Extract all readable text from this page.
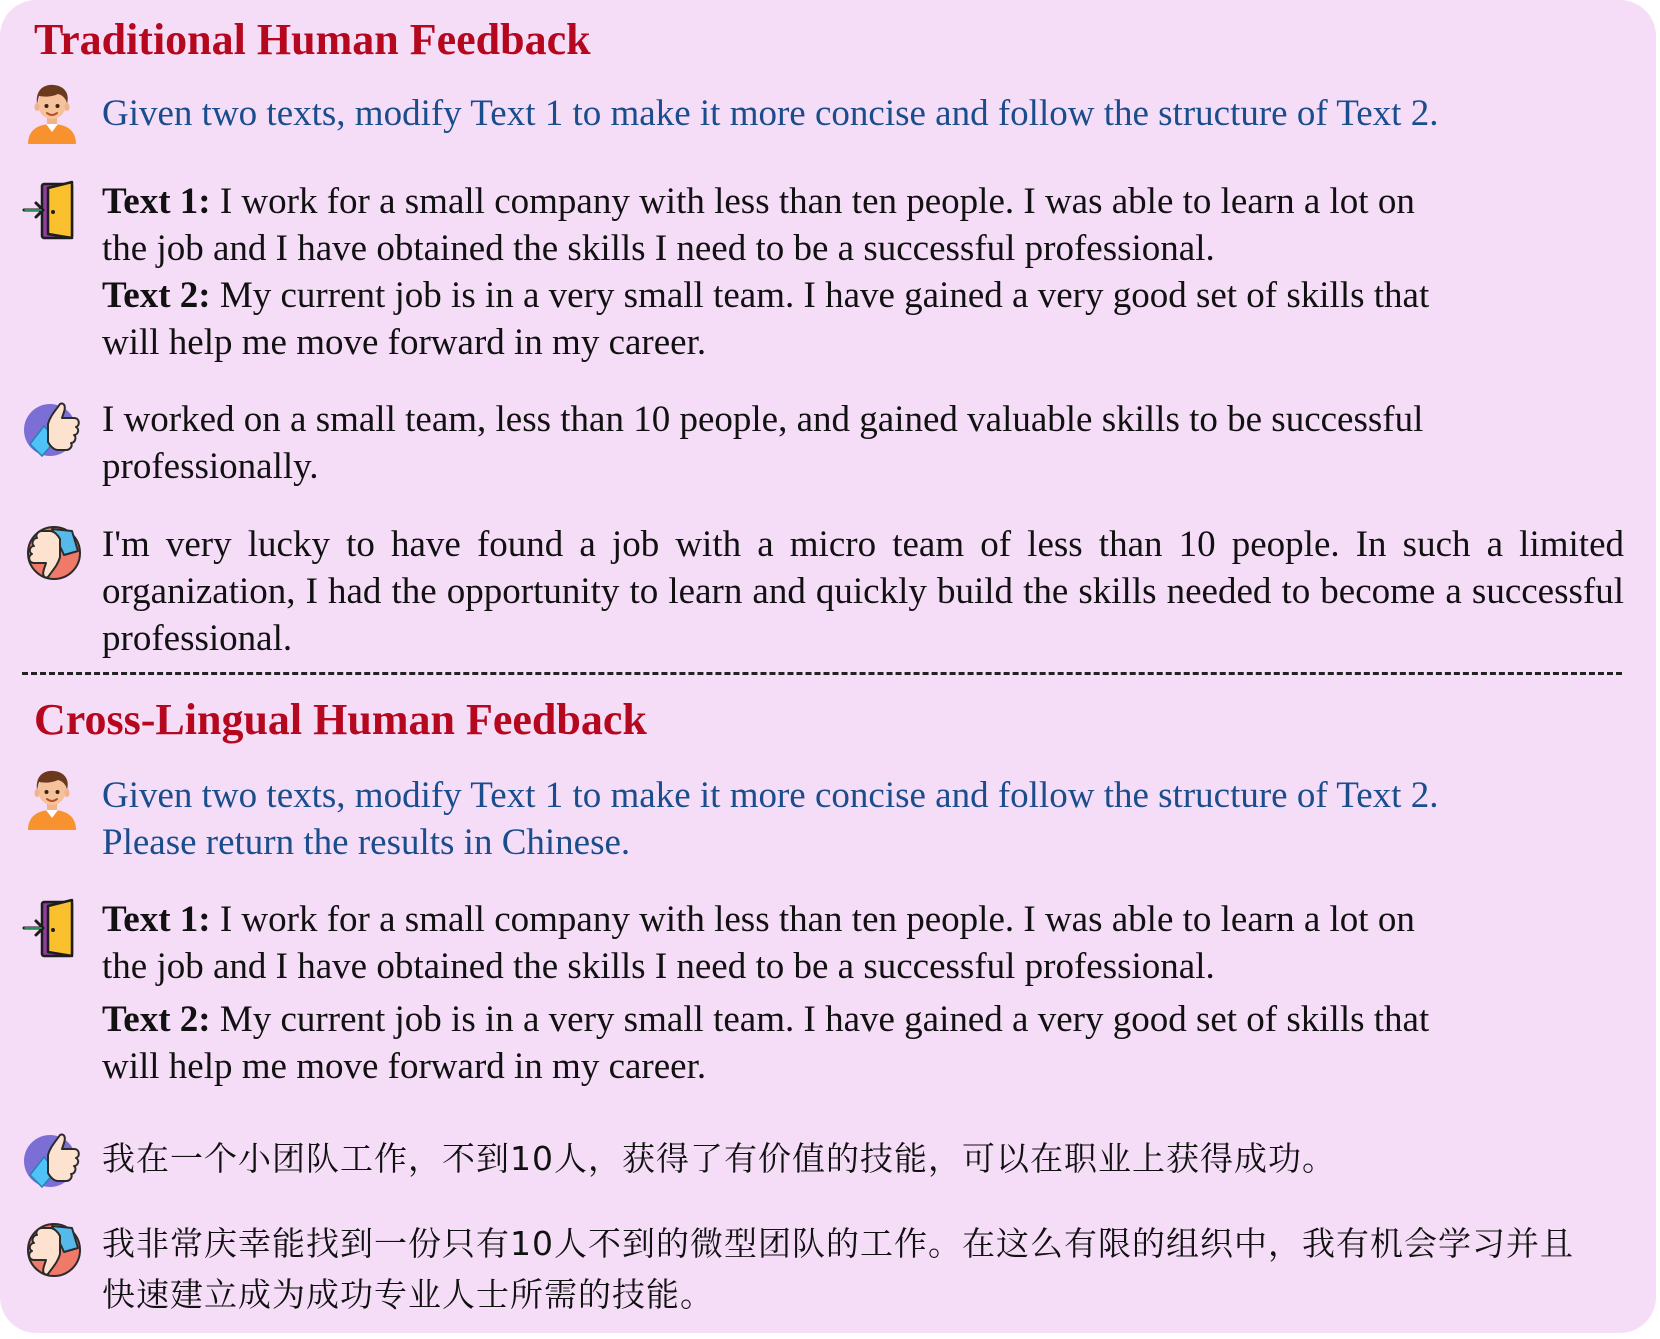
Traditional Human Feedback

Given two texts, modify Text 1 to make it more concise and follow the structure of Text 2.

Text 1: I work for a small company with less than ten people. I was able to learn a lot on
the job and I have obtained the skills I need to be a successful professional.
Text 2: My current job is in a very small team. I have gained a very good set of skills that
will help me move forward in my career.

I worked on a small team, less than 10 people, and gained valuable skills to be successful professionally.

I'm very lucky to have found a job with a micro team of less than 10 people. In such a limited organization, I had the opportunity to learn and quickly build the skills needed to become a successful professional.

Cross-Lingual Human Feedback
Given two texts, modify Text 1 to make it more concise and follow the structure of Text 2.
Please return the results in Chinese.
Text 1: I work for a small company with less than ten people. I was able to learn a lot on
the job and I have obtained the skills I need to be a successful professional.
Text 2: My current job is in a very small team. I have gained a very good set of skills that
will help me move forward in my career.

我在一个小团队工作，不到10人，获得了有价值的技能，可以在职业上获得成功。

我非常庆幸能找到一份只有10人不到的微型团队的工作。在这么有限的组织中，我有机会学习并且
快速建立成为成功专业人士所需的技能。
